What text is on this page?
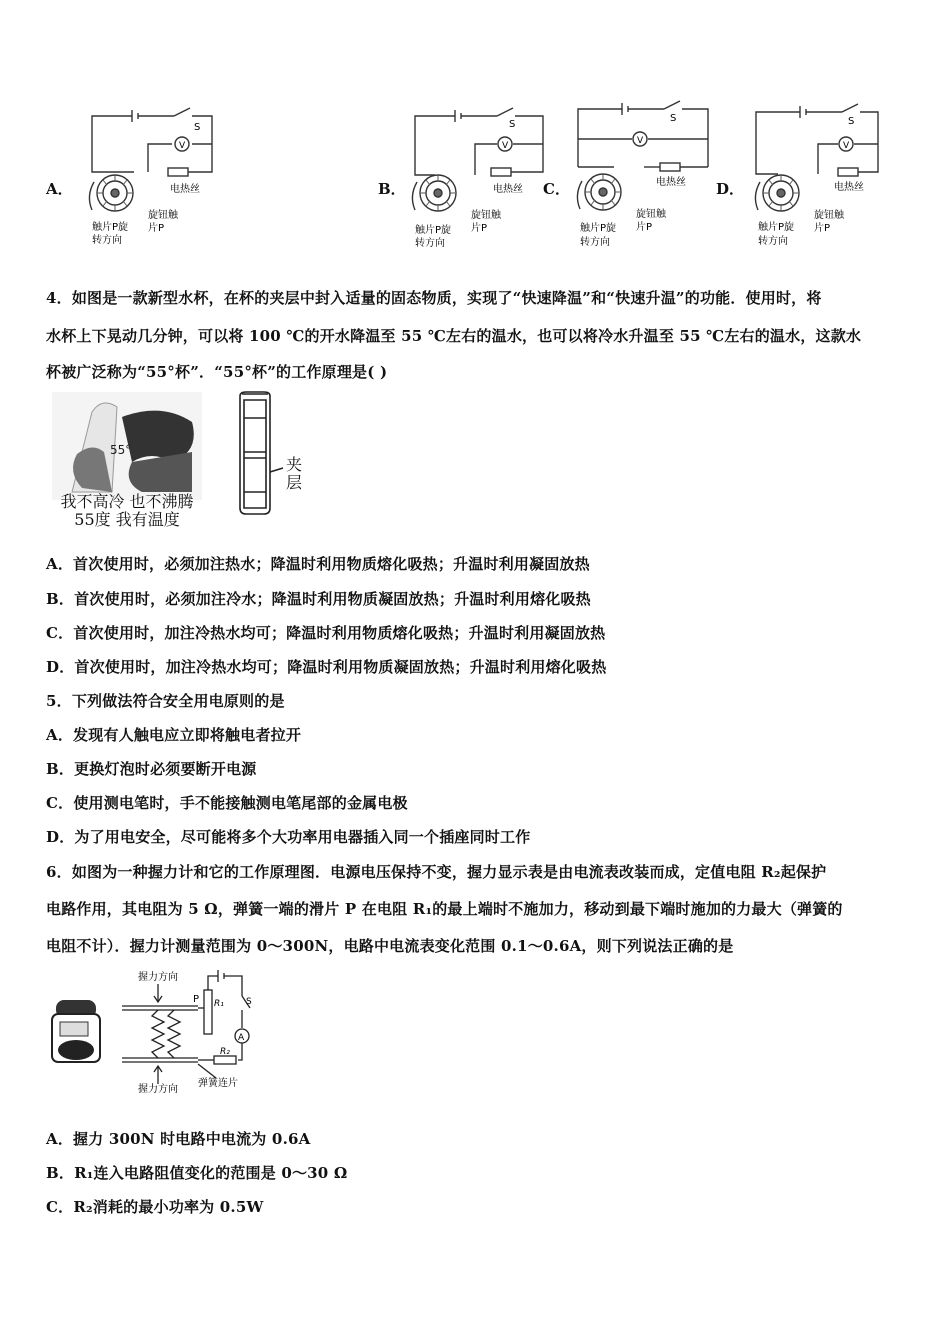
A．
V
S
电热丝
旋钮触
片P
触片P旋
转方向
B．
V
S
电热丝
旋钮触
片P
触片P旋
转方向
C．
V
S
电热丝
旋钮触
片P
触片P旋
转方向
D．
V
S
电热丝
旋钮触
片P
触片P旋
转方向
4．如图是一款新型水杯，在杯的夹层中封入适量的固态物质，实现了“快速降温”和“快速升温”的功能．使用时，将
水杯上下晃动几分钟，可以将 100 ℃的开水降温至 55 ℃左右的温水，也可以将冷水升温至 55 ℃左右的温水，这款水
杯被广泛称为“55°杯”．“55°杯”的工作原理是( )
55°
我不高冷 也不沸腾
55度 我有温度
夹
层
A．首次使用时，必须加注热水；降温时利用物质熔化吸热；升温时利用凝固放热
B．首次使用时，必须加注冷水；降温时利用物质凝固放热；升温时利用熔化吸热
C．首次使用时，加注冷热水均可；降温时利用物质熔化吸热；升温时利用凝固放热
D．首次使用时，加注冷热水均可；降温时利用物质凝固放热；升温时利用熔化吸热
5．下列做法符合安全用电原则的是
A．发现有人触电应立即将触电者拉开
B．更换灯泡时必须要断开电源
C．使用测电笔时，手不能接触测电笔尾部的金属电极
D．为了用电安全，尽可能将多个大功率用电器插入同一个插座同时工作
6．如图为一种握力计和它的工作原理图．电源电压保持不变，握力显示表是由电流表改装而成，定值电阻 R₂起保护
电路作用，其电阻为 5 Ω，弹簧一端的滑片 P 在电阻 R₁的最上端时不施加力，移动到最下端时施加的力最大（弹簧的
电阻不计）．握力计测量范围为 0～300N，电路中电流表变化范围 0.1～0.6A，则下列说法正确的是
握力方向
握力方向
弹簧连片
P R₁
R₂
S
A
A．握力 300N 时电路中电流为 0.6A
B．R₁连入电路阻值变化的范围是 0～30 Ω
C．R₂消耗的最小功率为 0.5W
